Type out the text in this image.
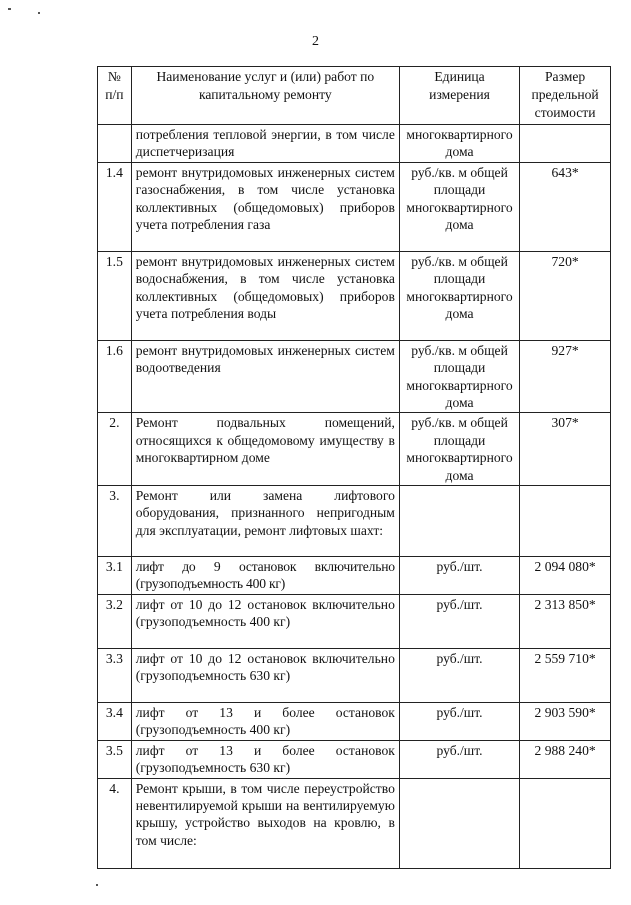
2
№ п/п	Наименование услуг и (или) работ по капитальному ремонту	Единица измерения	Размер предельной стоимости
	потребления тепловой энергии, в том числе диспетчеризация	многоквартирного дома	
1.4	ремонт внутридомовых инженерных систем газоснабжения, в том числе установка коллективных (общедомовых) приборов учета потребления газа	руб./кв. м общей площади многоквартирного дома	643*
1.5	ремонт внутридомовых инженерных систем водоснабжения, в том числе установка коллективных (общедомовых) приборов учета потребления воды	руб./кв. м общей площади многоквартирного дома	720*
1.6	ремонт внутридомовых инженерных систем водоотведения	руб./кв. м общей площади многоквартирного дома	927*
2.	Ремонт подвальных помещений, относящихся к общедомовому имуществу в многоквартирном доме	руб./кв. м общей площади многоквартирного дома	307*
3.	Ремонт или замена лифтового оборудования, признанного непригодным для эксплуатации, ремонт лифтовых шахт:		
3.1	лифт до 9 остановок включительно (грузоподъемность 400 кг)	руб./шт.	2 094 080*
3.2	лифт от 10 до 12 остановок включительно (грузоподъемность 400 кг)	руб./шт.	2 313 850*
3.3	лифт от 10 до 12 остановок включительно (грузоподъемность 630 кг)	руб./шт.	2 559 710*
3.4	лифт от 13 и более остановок (грузоподъемность 400 кг)	руб./шт.	2 903 590*
3.5	лифт от 13 и более остановок (грузоподъемность 630 кг)	руб./шт.	2 988 240*
4.	Ремонт крыши, в том числе переустройство невентилируемой крыши на вентилируемую крышу, устройство выходов на кровлю, в том числе:		
